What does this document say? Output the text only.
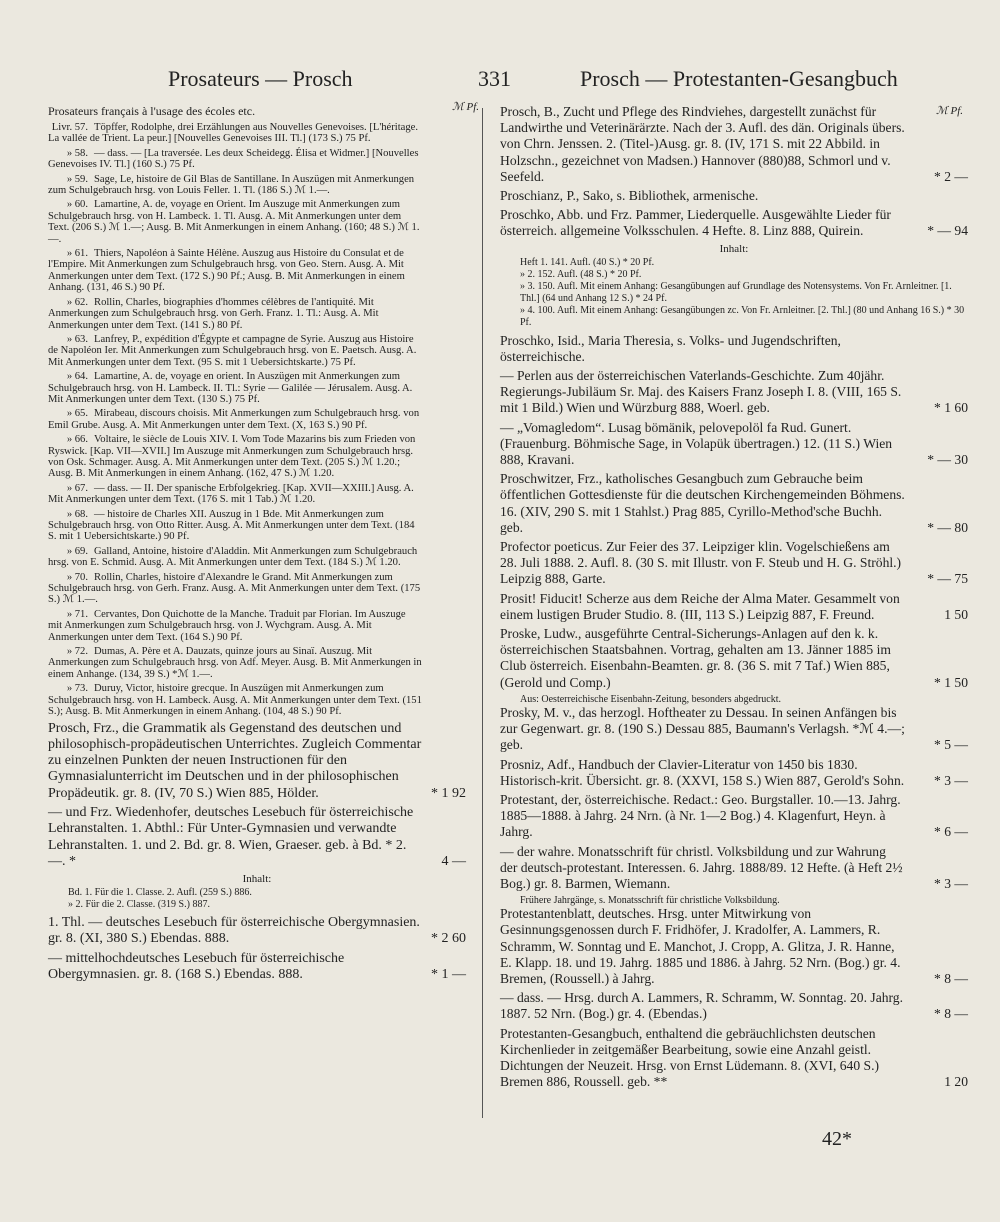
Prosateurs — Prosch	331	Prosch — Protestanten-Gesangbuch
ℳ Pf.	ℳ Pf.
Prosateurs français à l'usage des écoles etc.
Livr. 57. Töpffer, Rodolphe, drei Erzählungen aus Nouvelles Genevoises. [L'héritage. La vallée de Trient. La peur.] [Nouvelles Genevoises III. Tl.] (173 S.) 75 Pf.
» 58. — dass. — [La traversée. Les deux Scheidegg. Élisa et Widmer.] [Nouvelles Genevoises IV. Tl.] (160 S.) 75 Pf.
» 59. Sage, Le, histoire de Gil Blas de Santillane. In Auszügen mit Anmerkungen zum Schulgebrauch hrsg. von Louis Feller. 1. Tl. (186 S.) ℳ 1.—.
» 60. Lamartine, A. de, voyage en Orient. Im Auszuge mit Anmerkungen zum Schulgebrauch hrsg. von H. Lambeck. 1. Tl. Ausg. A. Mit Anmerkungen unter dem Text. (206 S.) ℳ 1.—; Ausg. B. Mit Anmerkungen in einem Anhang. (160; 48 S.) ℳ 1.—.
» 61. Thiers, Napoléon à Sainte Hélène. Auszug aus Histoire du Consulat et de l'Empire. Mit Anmerkungen zum Schulgebrauch hrsg. von Geo. Stern. Ausg. A. Mit Anmerkungen unter dem Text. (172 S.) 90 Pf.; Ausg. B. Mit Anmerkungen in einem Anhang. (131, 46 S.) 90 Pf.
» 62. Rollin, Charles, biographies d'hommes célèbres de l'antiquité. Mit Anmerkungen zum Schulgebrauch hrsg. von Gerh. Franz. 1. Tl.: Ausg. A. Mit Anmerkungen unter dem Text. (141 S.) 80 Pf.
» 63. Lanfrey, P., expédition d'Égypte et campagne de Syrie. Auszug aus Histoire de Napoléon Ier. Mit Anmerkungen zum Schulgebrauch hrsg. von E. Paetsch. Ausg. A. Mit Anmerkungen unter dem Text. (95 S. mit 1 Uebersichtskarte.) 75 Pf.
» 64. Lamartine, A. de, voyage en orient. In Auszügen mit Anmerkungen zum Schulgebrauch hrsg. von H. Lambeck. II. Tl.: Syrie — Galilée — Jérusalem. Ausg. A. Mit Anmerkungen unter dem Text. (130 S.) 75 Pf.
» 65. Mirabeau, discours choisis. Mit Anmerkungen zum Schulgebrauch hrsg. von Emil Grube. Ausg. A. Mit Anmerkungen unter dem Text. (X, 163 S.) 90 Pf.
» 66. Voltaire, le siècle de Louis XIV. I. Vom Tode Mazarins bis zum Frieden von Ryswick. [Kap. VII—XVII.] Im Auszuge mit Anmerkungen zum Schulgebrauch hrsg. von Osk. Schmager. Ausg. A. Mit Anmerkungen unter dem Text. (205 S.) ℳ 1.20.; Ausg. B. Mit Anmerkungen in einem Anhang. (162, 47 S.) ℳ 1.20.
» 67. — dass. — II. Der spanische Erbfolgekrieg. [Kap. XVII—XXIII.] Ausg. A. Mit Anmerkungen unter dem Text. (176 S. mit 1 Tab.) ℳ 1.20.
» 68. — histoire de Charles XII. Auszug in 1 Bde. Mit Anmerkungen zum Schulgebrauch hrsg. von Otto Ritter. Ausg. A. Mit Anmerkungen unter dem Text. (184 S. mit 1 Uebersichtskarte.) 90 Pf.
» 69. Galland, Antoine, histoire d'Aladdin. Mit Anmerkungen zum Schulgebrauch hrsg. von E. Schmid. Ausg. A. Mit Anmerkungen unter dem Text. (184 S.) ℳ 1.20.
» 70. Rollin, Charles, histoire d'Alexandre le Grand. Mit Anmerkungen zum Schulgebrauch hrsg. von Gerh. Franz. Ausg. A. Mit Anmerkungen unter dem Text. (175 S.) ℳ 1.—.
» 71. Cervantes, Don Quichotte de la Manche. Traduit par Florian. Im Auszuge mit Anmerkungen zum Schulgebrauch hrsg. von J. Wychgram. Ausg. A. Mit Anmerkungen unter dem Text. (164 S.) 90 Pf.
» 72. Dumas, A. Père et A. Dauzats, quinze jours au Sinaï. Auszug. Mit Anmerkungen zum Schulgebrauch hrsg. von Adf. Meyer. Ausg. B. Mit Anmerkungen in einem Anhange. (134, 39 S.) *ℳ 1.—.
» 73. Duruy, Victor, histoire grecque. In Auszügen mit Anmerkungen zum Schulgebrauch hrsg. von H. Lambeck. Ausg. A. Mit Anmerkungen unter dem Text. (151 S.); Ausg. B. Mit Anmerkungen in einem Anhang. (104, 48 S.) 90 Pf.
Prosch, Frz., die Grammatik als Gegenstand des deutschen und philosophisch-propädeutischen Unterrichtes. Zugleich Commentar zu einzelnen Punkten der neuen Instructionen für den Gymnasialunterricht im Deutschen und in der philosophischen Propädeutik. gr. 8. (IV, 70 S.) Wien 885, Hölder.	* 1 92
— und Frz. Wiedenhofer, deutsches Lesebuch für österreichische Lehranstalten. 1. Abthl.: Für Unter-Gymnasien und verwandte Lehranstalten. 1. und 2. Bd. gr. 8. Wien, Graeser. geb. à Bd. * 2.—. *	4 —
Inhalt:
Bd. 1. Für die 1. Classe. 2. Aufl. (259 S.) 886.
» 2. Für die 2. Classe. (319 S.) 887.
1. Thl. — deutsches Lesebuch für österreichische Obergymnasien. gr. 8. (XI, 380 S.) Ebendas. 888.	* 2 60
— mittelhochdeutsches Lesebuch für österreichische Obergymnasien. gr. 8. (168 S.) Ebendas. 888.	* 1 —
Prosch, B., Zucht und Pflege des Rindviehes, dargestellt zunächst für Landwirthe und Veterinärärzte. Nach der 3. Aufl. des dän. Originals übers. von Chrn. Jenssen. 2. (Titel-)Ausg. gr. 8. (IV, 171 S. mit 22 Abbild. in Holzschn., gezeichnet von Madsen.) Hannover (880)88, Schmorl und v. Seefeld.	* 2 —
Proschianz, P., Sako, s. Bibliothek, armenische.
Proschko, Abb. und Frz. Pammer, Liederquelle. Ausgewählte Lieder für österreich. allgemeine Volksschulen. 4 Hefte. 8. Linz 888, Quirein.	* — 94
Inhalt:
Heft 1. 141. Aufl. (40 S.) * 20 Pf.
» 2. 152. Aufl. (48 S.) * 20 Pf.
» 3. 150. Aufl. Mit einem Anhang: Gesangübungen auf Grundlage des Notensystems. Von Fr. Arnleitner. [1. Thl.] (64 und Anhang 12 S.) * 24 Pf.
» 4. 100. Aufl. Mit einem Anhang: Gesangübungen zc. Von Fr. Arnleitner. [2. Thl.] (80 und Anhang 16 S.) * 30 Pf.
Proschko, Isid., Maria Theresia, s. Volks- und Jugendschriften, österreichische.
— Perlen aus der österreichischen Vaterlands-Geschichte. Zum 40jähr. Regierungs-Jubiläum Sr. Maj. des Kaisers Franz Joseph I. 8. (VIII, 165 S. mit 1 Bild.) Wien und Würzburg 888, Woerl. geb.	* 1 60
— „Vomagledom“. Lusag bömänik, pelovepolöl fa Rud. Gunert. (Frauenburg. Böhmische Sage, in Volapük übertragen.) 12. (11 S.) Wien 888, Kravani.	* — 30
Proschwitzer, Frz., katholisches Gesangbuch zum Gebrauche beim öffentlichen Gottesdienste für die deutschen Kirchengemeinden Böhmens. 16. (XIV, 290 S. mit 1 Stahlst.) Prag 885, Cyrillo-Method'sche Buchh. geb.	* — 80
Profector poeticus. Zur Feier des 37. Leipziger klin. Vogelschießens am 28. Juli 1888. 2. Aufl. 8. (30 S. mit Illustr. von F. Steub und H. G. Ströhl.) Leipzig 888, Garte.	* — 75
Prosit! Fiducit! Scherze aus dem Reiche der Alma Mater. Gesammelt von einem lustigen Bruder Studio. 8. (III, 113 S.) Leipzig 887, F. Freund.	1 50
Proske, Ludw., ausgeführte Central-Sicherungs-Anlagen auf den k. k. österreichischen Staatsbahnen. Vortrag, gehalten am 13. Jänner 1885 im Club österreich. Eisenbahn-Beamten. gr. 8. (36 S. mit 7 Taf.) Wien 885, (Gerold und Comp.)	* 1 50
Aus: Oesterreichische Eisenbahn-Zeitung, besonders abgedruckt.
Prosky, M. v., das herzogl. Hoftheater zu Dessau. In seinen Anfängen bis zur Gegenwart. gr. 8. (190 S.) Dessau 885, Baumann's Verlagsh. *ℳ 4.—; geb.	* 5 —
Prosniz, Adf., Handbuch der Clavier-Literatur von 1450 bis 1830. Historisch-krit. Übersicht. gr. 8. (XXVI, 158 S.) Wien 887, Gerold's Sohn.	* 3 —
Protestant, der, österreichische. Redact.: Geo. Burgstaller. 10.—13. Jahrg. 1885—1888. à Jahrg. 24 Nrn. (à Nr. 1—2 Bog.) 4. Klagenfurt, Heyn. à Jahrg.	* 6 —
— der wahre. Monatsschrift für christl. Volksbildung und zur Wahrung der deutsch-protestant. Interessen. 6. Jahrg. 1888/89. 12 Hefte. (à Heft 2½ Bog.) gr. 8. Barmen, Wiemann.	* 3 —
Frühere Jahrgänge, s. Monatsschrift für christliche Volksbildung.
Protestantenblatt, deutsches. Hrsg. unter Mitwirkung von Gesinnungsgenossen durch F. Fridhöfer, J. Kradolfer, A. Lammers, R. Schramm, W. Sonntag und E. Manchot, J. Cropp, A. Glitza, J. R. Hanne, E. Klapp. 18. und 19. Jahrg. 1885 und 1886. à Jahrg. 52 Nrn. (Bog.) gr. 4. Bremen, (Roussell.) à Jahrg.	* 8 —
— dass. — Hrsg. durch A. Lammers, R. Schramm, W. Sonntag. 20. Jahrg. 1887. 52 Nrn. (Bog.) gr. 4. (Ebendas.)	* 8 —
Protestanten-Gesangbuch, enthaltend die gebräuchlichsten deutschen Kirchenlieder in zeitgemäßer Bearbeitung, sowie eine Anzahl geistl. Dichtungen der Neuzeit. Hrsg. von Ernst Lüdemann. 8. (XVI, 640 S.) Bremen 886, Roussell. geb. **	1 20
42*
